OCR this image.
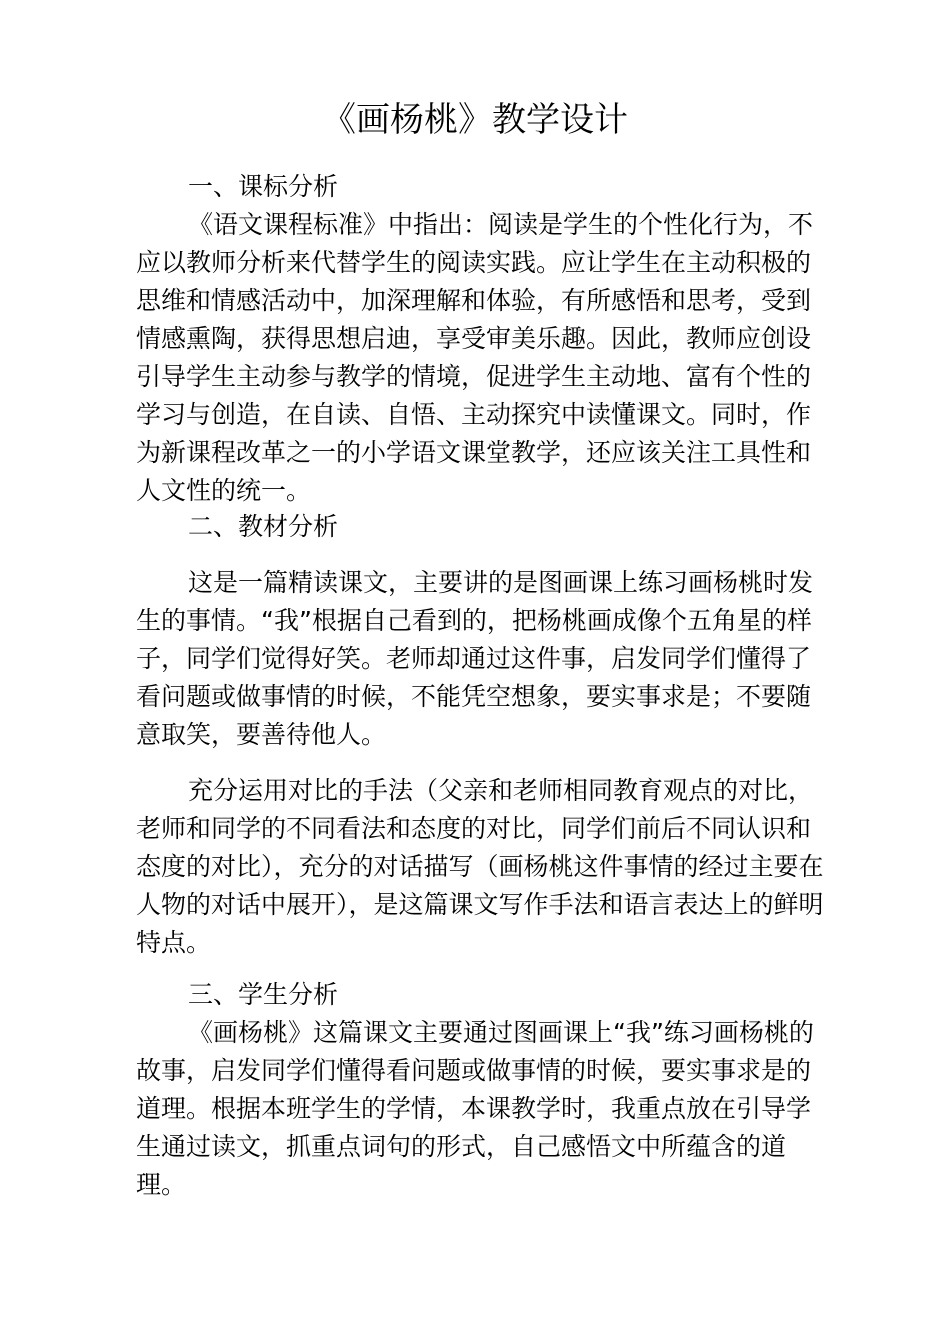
《画杨桃》教学设计

一、课标分析

《语文课程标准》中指出：阅读是学生的个性化行为，不应以教师分析来代替学生的阅读实践。应让学生在主动积极的思维和情感活动中，加深理解和体验，有所感悟和思考，受到情感熏陶，获得思想启迪，享受审美乐趣。因此，教师应创设引导学生主动参与教学的情境，促进学生主动地、富有个性的学习与创造，在自读、自悟、主动探究中读懂课文。同时，作为新课程改革之一的小学语文课堂教学，还应该关注工具性和人文性的统一。

二、教材分析

这是一篇精读课文，主要讲的是图画课上练习画杨桃时发生的事情。“我”根据自己看到的，把杨桃画成像个五角星的样子，同学们觉得好笑。老师却通过这件事，启发同学们懂得了看问题或做事情的时候，不能凭空想象，要实事求是；不要随意取笑，要善待他人。

充分运用对比的手法（父亲和老师相同教育观点的对比，老师和同学的不同看法和态度的对比，同学们前后不同认识和态度的对比），充分的对话描写（画杨桃这件事情的经过主要在人物的对话中展开），是这篇课文写作手法和语言表达上的鲜明特点。

三、学生分析

《画杨桃》这篇课文主要通过图画课上“我”练习画杨桃的故事，启发同学们懂得看问题或做事情的时候，要实事求是的道理。根据本班学生的学情，本课教学时，我重点放在引导学生通过读文，抓重点词句的形式，自己感悟文中所蕴含的道理。
